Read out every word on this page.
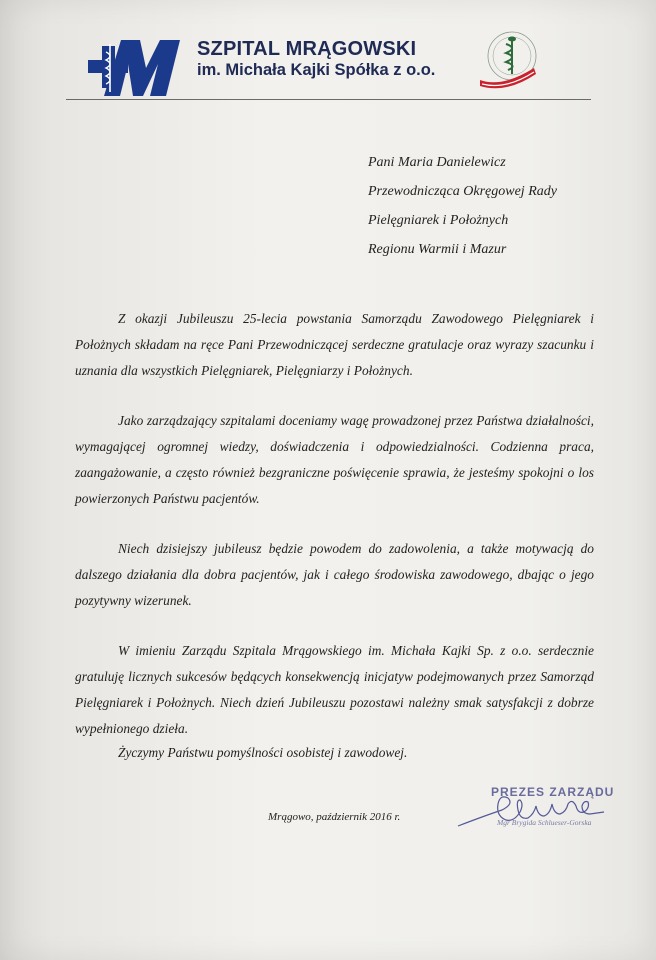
SZPITAL MRĄGOWSKI
im. Michała Kajki Spółka z o.o.
Pani Maria Danielewicz
Przewodnicząca Okręgowej Rady
Pielęgniarek i Położnych
Regionu Warmii i Mazur

Z okazji Jubileuszu 25-lecia powstania Samorządu Zawodowego Pielęgniarek i Położnych składam na ręce Pani Przewodniczącej serdeczne gratulacje oraz wyrazy szacunku i uznania dla wszystkich Pielęgniarek, Pielęgniarzy i Położnych.

Jako zarządzający szpitalami doceniamy wagę prowadzonej przez Państwa działalności, wymagającej ogromnej wiedzy, doświadczenia i odpowiedzialności. Codzienna praca, zaangażowanie, a często również bezgraniczne poświęcenie sprawia, że jesteśmy spokojni o los powierzonych Państwu pacjentów.

Niech dzisiejszy jubileusz będzie powodem do zadowolenia, a także motywacją do dalszego działania dla dobra pacjentów, jak i całego środowiska zawodowego, dbając o jego pozytywny wizerunek.

W imieniu Zarządu Szpitala Mrągowskiego im. Michała Kajki Sp. z o.o. serdecznie gratuluję licznych sukcesów będących konsekwencją inicjatyw podejmowanych przez Samorząd Pielęgniarek i Położnych. Niech dzień Jubileuszu pozostawi należny smak satysfakcji z dobrze wypełnionego dzieła.

Życzymy Państwu pomyślności osobistej i zawodowej.
Mrągowo, październik 2016 r.
PREZES ZARZĄDU
Mgr Brygida Schlueser-Gorska
